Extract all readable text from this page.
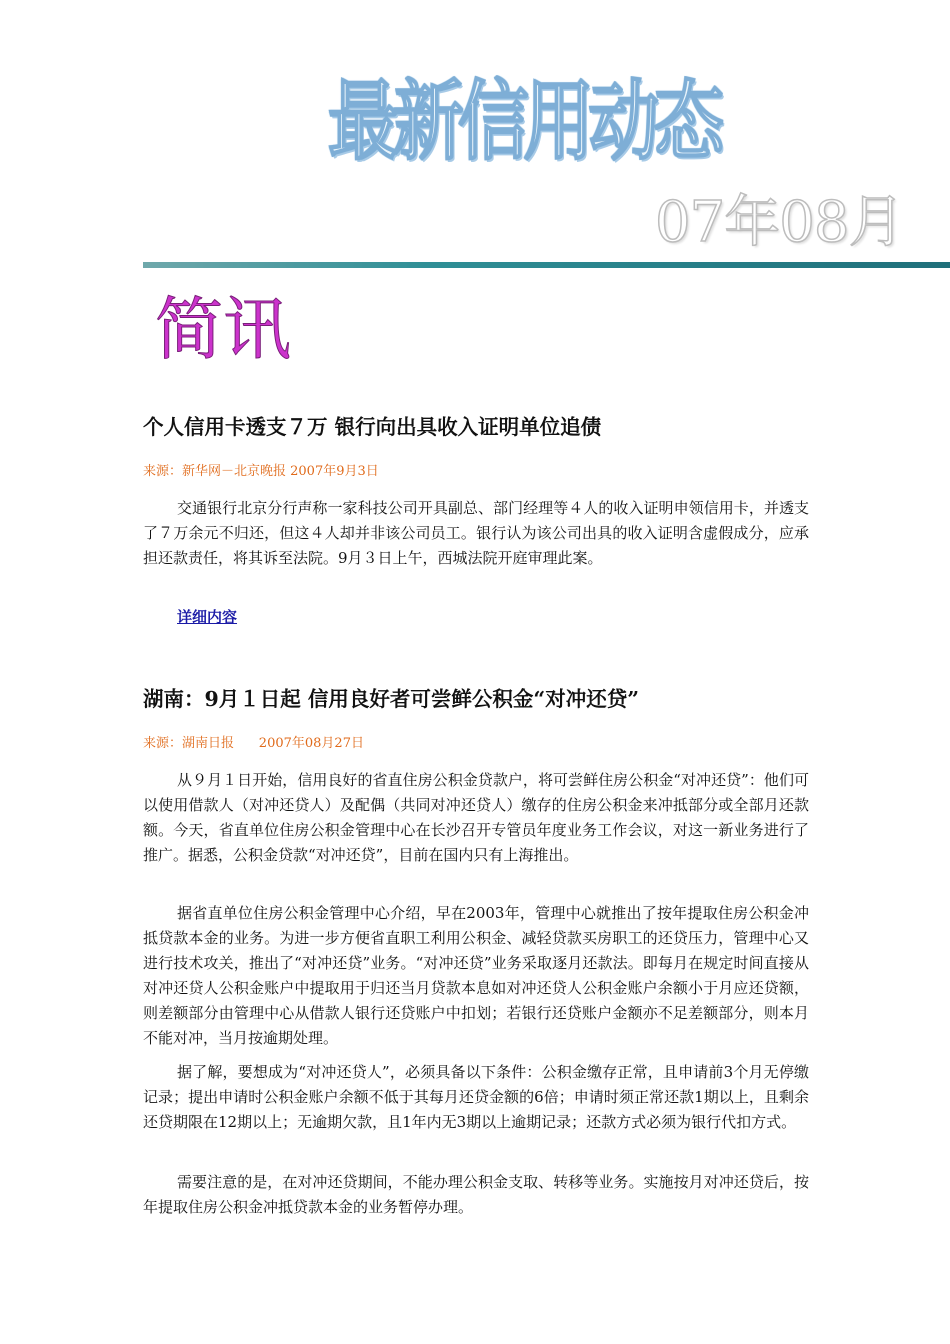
最新信用动态
07年08月
简讯
个人信用卡透支７万 银行向出具收入证明单位追债
来源：新华网－北京晚报 2007年9月3日

交通银行北京分行声称一家科技公司开具副总、部门经理等４人的收入证明申领信用卡，并透支了７万余元不归还，但这４人却并非该公司员工。银行认为该公司出具的收入证明含虚假成分，应承担还款责任，将其诉至法院。9月３日上午，西城法院开庭审理此案。

详细内容
湖南：9月１日起 信用良好者可尝鲜公积金“对冲还贷”
来源：湖南日报      2007年08月27日

从９月１日开始，信用良好的省直住房公积金贷款户，将可尝鲜住房公积金“对冲还贷”：他们可以使用借款人（对冲还贷人）及配偶（共同对冲还贷人）缴存的住房公积金来冲抵部分或全部月还款额。今天，省直单位住房公积金管理中心在长沙召开专管员年度业务工作会议，对这一新业务进行了推广。据悉，公积金贷款“对冲还贷”，目前在国内只有上海推出。

据省直单位住房公积金管理中心介绍，早在2003年，管理中心就推出了按年提取住房公积金冲抵贷款本金的业务。为进一步方便省直职工利用公积金、减轻贷款买房职工的还贷压力，管理中心又进行技术攻关，推出了“对冲还贷”业务。“对冲还贷”业务采取逐月还款法。即每月在规定时间直接从对冲还贷人公积金账户中提取用于归还当月贷款本息如对冲还贷人公积金账户余额小于月应还贷额，则差额部分由管理中心从借款人银行还贷账户中扣划；若银行还贷账户金额亦不足差额部分，则本月不能对冲，当月按逾期处理。

据了解，要想成为“对冲还贷人”，必须具备以下条件：公积金缴存正常，且申请前3个月无停缴记录；提出申请时公积金账户余额不低于其每月还贷金额的6倍；申请时须正常还款1期以上，且剩余还贷期限在12期以上；无逾期欠款，且1年内无3期以上逾期记录；还款方式必须为银行代扣方式。

需要注意的是，在对冲还贷期间，不能办理公积金支取、转移等业务。实施按月对冲还贷后，按年提取住房公积金冲抵贷款本金的业务暂停办理。
